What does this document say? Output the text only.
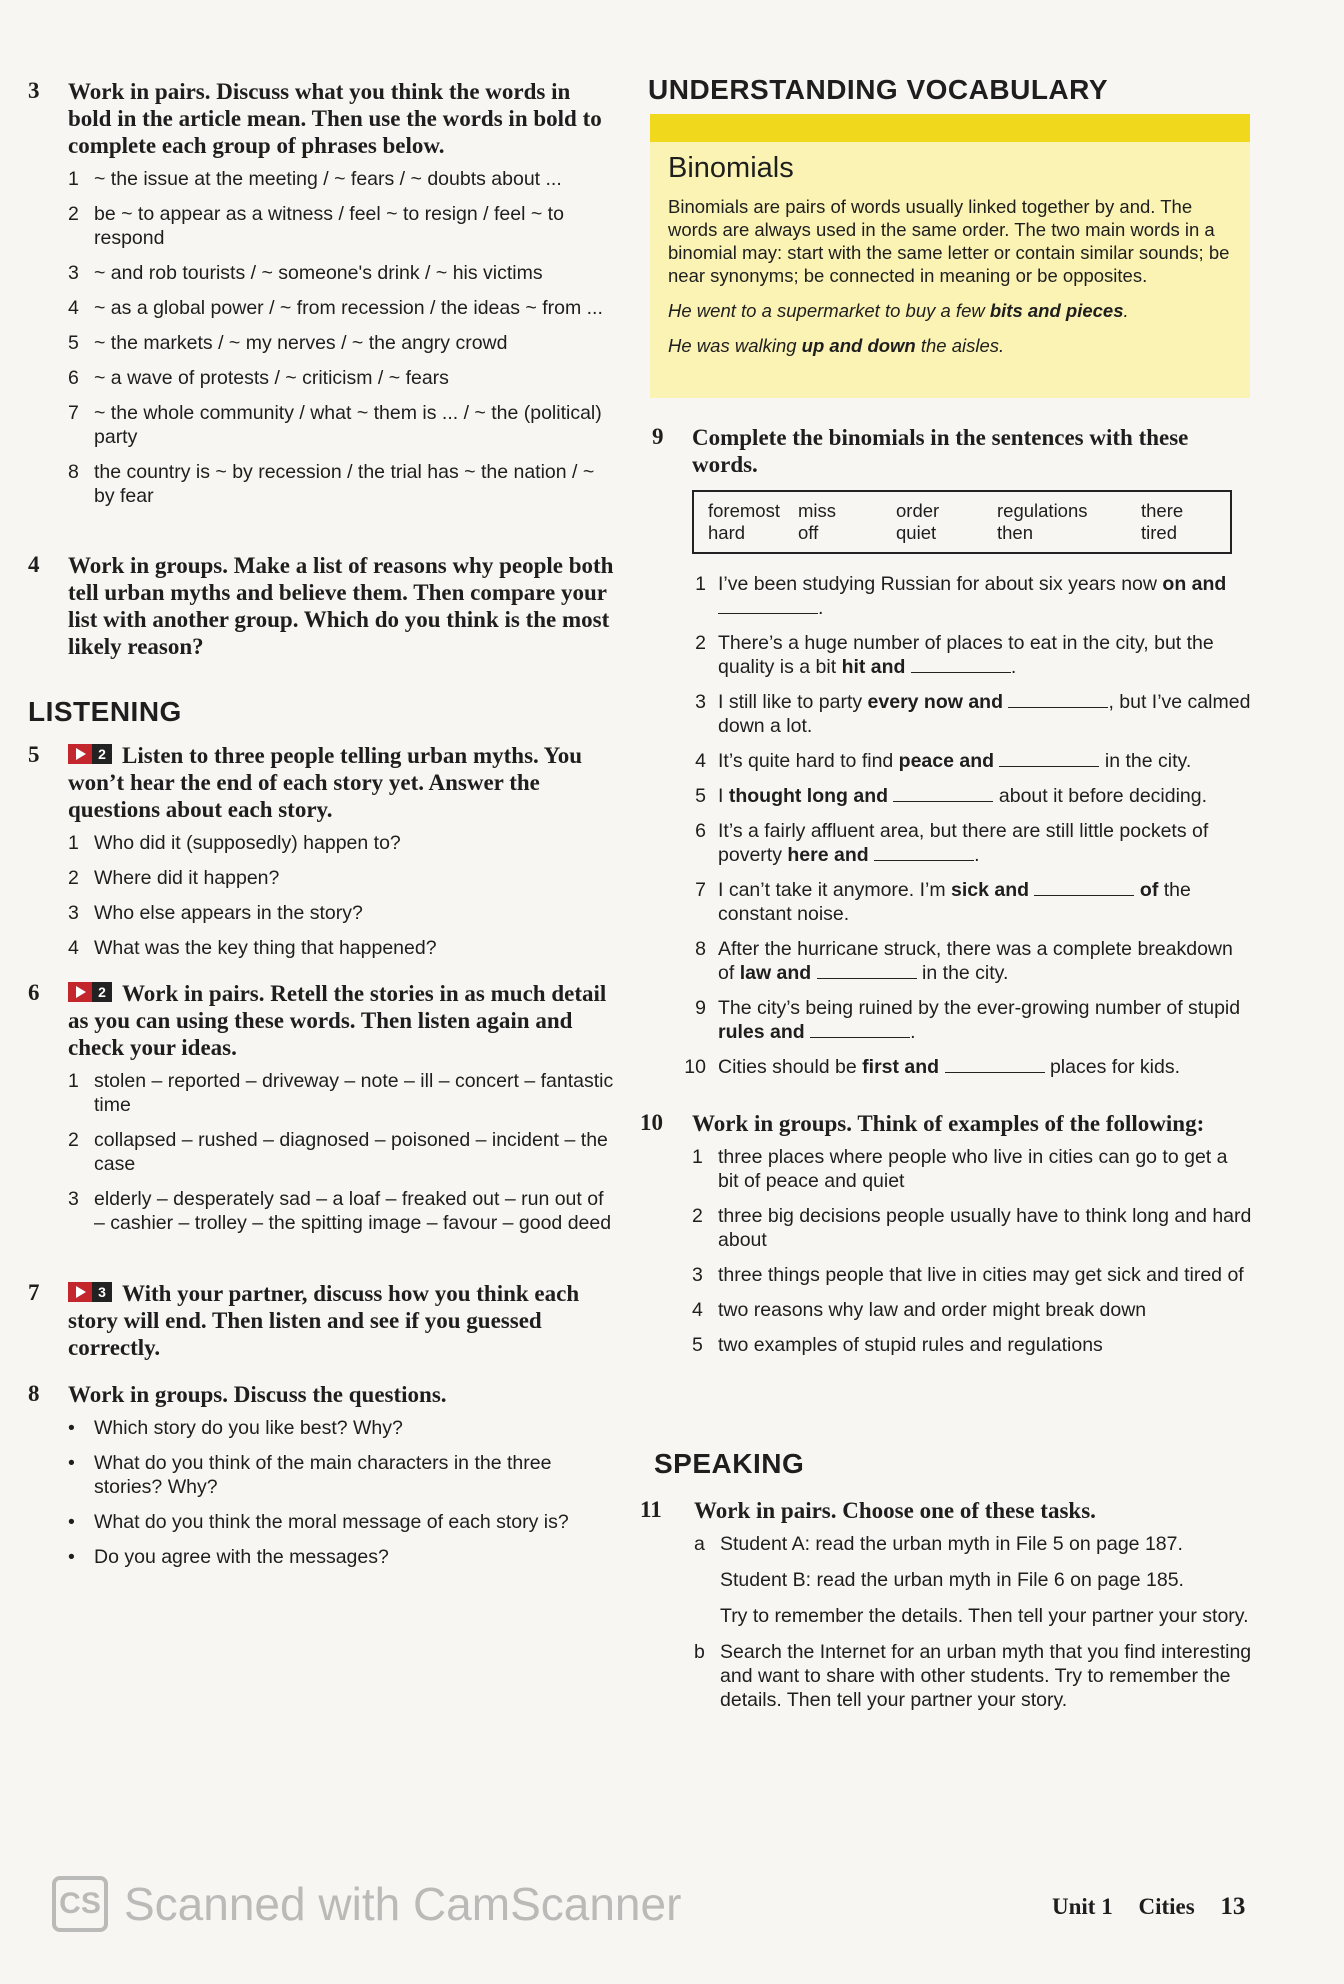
3 Work in pairs. Discuss what you think the words in bold in the article mean. Then use the words in bold to complete each group of phrases below.
1 ~ the issue at the meeting / ~ fears / ~ doubts about ...
2 be ~ to appear as a witness / feel ~ to resign / feel ~ to respond
3 ~ and rob tourists / ~ someone's drink / ~ his victims
4 ~ as a global power / ~ from recession / the ideas ~ from ...
5 ~ the markets / ~ my nerves / ~ the angry crowd
6 ~ a wave of protests / ~ criticism / ~ fears
7 ~ the whole community / what ~ them is ... / ~ the (political) party
8 the country is ~ by recession / the trial has ~ the nation / ~ by fear
4 Work in groups. Make a list of reasons why people both tell urban myths and believe them. Then compare your list with another group. Which do you think is the most likely reason?
LISTENING
5	2 Listen to three people telling urban myths. You won’t hear the end of each story yet. Answer the questions about each story.
1 Who did it (supposedly) happen to?
2 Where did it happen?
3 Who else appears in the story?
4 What was the key thing that happened?
6	2 Work in pairs. Retell the stories in as much detail as you can using these words. Then listen again and check your ideas.
1 stolen – reported – driveway – note – ill – concert – fantastic time
2 collapsed – rushed – diagnosed – poisoned – incident – the case
3 elderly – desperately sad – a loaf – freaked out – run out of – cashier – trolley – the spitting image – favour – good deed
7	3 With your partner, discuss how you think each story will end. Then listen and see if you guessed correctly.
8 Work in groups. Discuss the questions.
• Which story do you like best? Why?
• What do you think of the main characters in the three stories? Why?
• What do you think the moral message of each story is?
• Do you agree with the messages?
UNDERSTANDING VOCABULARY
Binomials
Binomials are pairs of words usually linked together by and. The words are always used in the same order. The two main words in a binomial may: start with the same letter or contain similar sounds; be near synonyms; be connected in meaning or be opposites.
He went to a supermarket to buy a few bits and pieces.
He was walking up and down the aisles.
9 Complete the binomials in the sentences with these words.
foremost miss	order	regulations	there
hard	off	quiet	then	tired
1 I’ve been studying Russian for about six years now on and .
2 There’s a huge number of places to eat in the city, but the quality is a bit hit and	.
3 I still like to party every now and	, but I’ve calmed down a lot.
4 It’s quite hard to find peace and	in the city.
5 I thought long and	about it before deciding.
6 It’s a fairly affluent area, but there are still little pockets of poverty here and	.
7 I can’t take it anymore. I’m sick and	of the constant noise.
8 After the hurricane struck, there was a complete breakdown of law and	in the city.
9 The city’s being ruined by the ever-growing number of stupid rules and	.
10 Cities should be first and	places for kids.
10 Work in groups. Think of examples of the following:
1 three places where people who live in cities can go to get a bit of peace and quiet
2 three big decisions people usually have to think long and hard about
3 three things people that live in cities may get sick and tired of
4 two reasons why law and order might break down
5 two examples of stupid rules and regulations
SPEAKING
11 Work in pairs. Choose one of these tasks.
a Student A: read the urban myth in File 5 on page 187.
Student B: read the urban myth in File 6 on page 185.
Try to remember the details. Then tell your partner your story.
b Search the Internet for an urban myth that you find interesting and want to share with other students. Try to remember the details. Then tell your partner your story.
CS Scanned with CamScanner	Unit 1 Cities 13
